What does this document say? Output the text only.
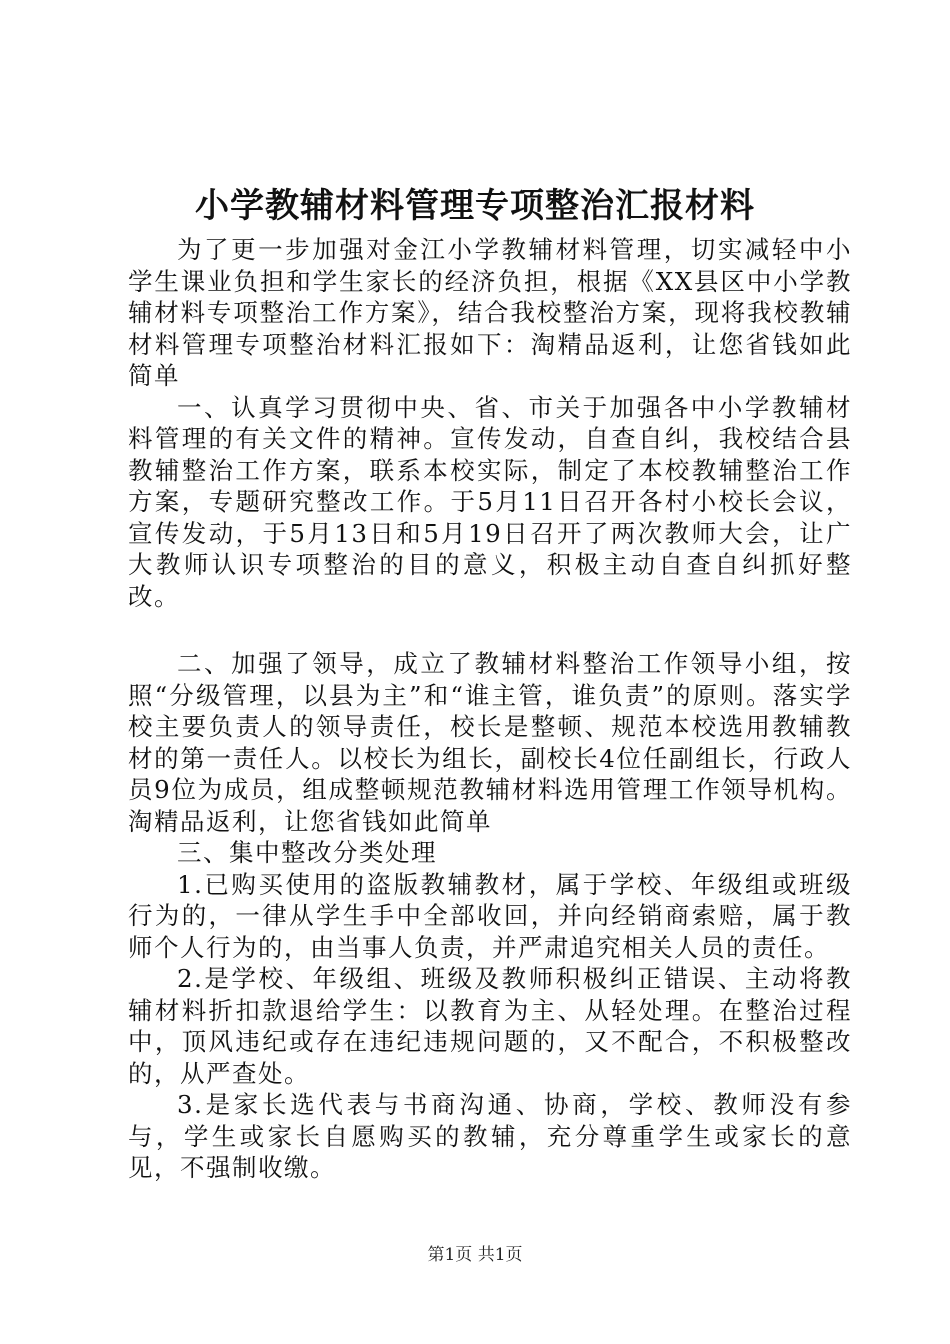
小学教辅材料管理专项整治汇报材料

为了更一步加强对金江小学教辅材料管理，切实减轻中小学生课业负担和学生家长的经济负担，根据《XX县区中小学教辅材料专项整治工作方案》，结合我校整治方案，现将我校教辅材料管理专项整治材料汇报如下：淘精品返利，让您省钱如此简单

一、认真学习贯彻中央、省、市关于加强各中小学教辅材料管理的有关文件的精神。宣传发动，自查自纠，我校结合县教辅整治工作方案，联系本校实际，制定了本校教辅整治工作方案，专题研究整改工作。于5月11日召开各村小校长会议，宣传发动，于5月13日和5月19日召开了两次教师大会，让广大教师认识专项整治的目的意义，积极主动自查自纠抓好整改。

二、加强了领导，成立了教辅材料整治工作领导小组，按照“分级管理，以县为主”和“谁主管，谁负责”的原则。落实学校主要负责人的领导责任，校长是整顿、规范本校选用教辅教材的第一责任人。以校长为组长，副校长4位任副组长，行政人员9位为成员，组成整顿规范教辅材料选用管理工作领导机构。淘精品返利，让您省钱如此简单

三、集中整改分类处理

1.已购买使用的盗版教辅教材，属于学校、年级组或班级行为的，一律从学生手中全部收回，并向经销商索赔，属于教师个人行为的，由当事人负责，并严肃追究相关人员的责任。

2.是学校、年级组、班级及教师积极纠正错误、主动将教辅材料折扣款退给学生：以教育为主、从轻处理。在整治过程中，顶风违纪或存在违纪违规问题的，又不配合，不积极整改的，从严查处。

3.是家长选代表与书商沟通、协商，学校、教师没有参与，学生或家长自愿购买的教辅，充分尊重学生或家长的意见，不强制收缴。

第1页 共1页
